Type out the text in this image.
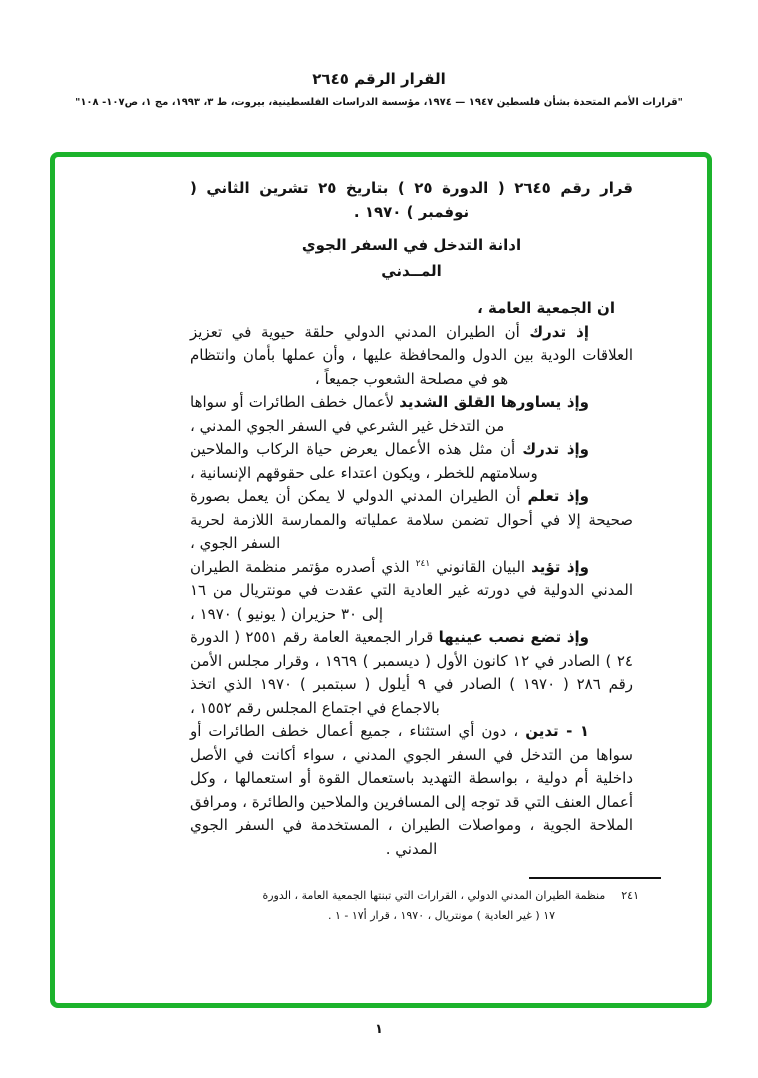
القرار الرقم ٢٦٤٥
"قرارات الأمم المتحدة بشأن فلسطين ١٩٤٧ — ١٩٧٤، مؤسسة الدراسات الفلسطينية، بيروت، ط ٣، ١٩٩٣، مج ١، ص١٠٧- ١٠٨"

قرار رقم ٢٦٤٥ ( الدورة ٢٥ ) بتاريخ ٢٥ تشرين الثاني ( نوفمبر ) ١٩٧٠ .

ادانة التدخل في السفر الجوي

المــدني

ان الجمعية العامة ،

إذ تدرك أن الطيران المدني الدولي حلقة حيوية في تعزيز العلاقات الودية بين الدول والمحافظة عليها ، وأن عملها بأمان وانتظام هو في مصلحة الشعوب جميعاً ،

وإذ يساورها القلق الشديد لأعمال خطف الطائرات أو سواها من التدخل غير الشرعي في السفر الجوي المدني ،

وإذ تدرك أن مثل هذه الأعمال يعرض حياة الركاب والملاحين وسلامتهم للخطر ، ويكون اعتداء على حقوقهم الإنسانية ،

وإذ تعلم أن الطيران المدني الدولي لا يمكن أن يعمل بصورة صحيحة إلا في أحوال تضمن سلامة عملياته والممارسة اللازمة لحرية السفر الجوي ،

وإذ تؤيد البيان القانوني $^{٢٤١}$ الذي أصدره مؤتمر منظمة الطيران المدني الدولية في دورته غير العادية التي عقدت في مونتريال من ١٦ إلى ٣٠ حزيران ( يونيو ) ١٩٧٠ ،

وإذ تضع نصب عينيها قرار الجمعية العامة رقم ٢٥٥١ ( الدورة ٢٤ ) الصادر في ١٢ كانون الأول ( ديسمبر ) ١٩٦٩ ، وقرار مجلس الأمن رقم ٢٨٦ ( ١٩٧٠ ) الصادر في ٩ أيلول ( سبتمبر ) ١٩٧٠ الذي اتخذ بالاجماع في اجتماع المجلس رقم ١٥٥٢ ،

١ - تدين ، دون أي استثناء ، جميع أعمال خطف الطائرات أو سواها من التدخل في السفر الجوي المدني ، سواء أكانت في الأصل داخلية أم دولية ، بواسطة التهديد باستعمال القوة أو استعمالها ، وكل أعمال العنف التي قد توجه إلى المسافرين والملاحين والطائرة ، ومرافق الملاحة الجوية ، ومواصلات الطيران ، المستخدمة في السفر الجوي المدني .

٢٤١
منظمة الطيران المدني الدولي ، القرارات التي تبنتها الجمعية العامة ، الدورة
١٧ ( غير العادية ) مونتريال ، ١٩٧٠ ، قرار أ١٧ - ١ .
١
